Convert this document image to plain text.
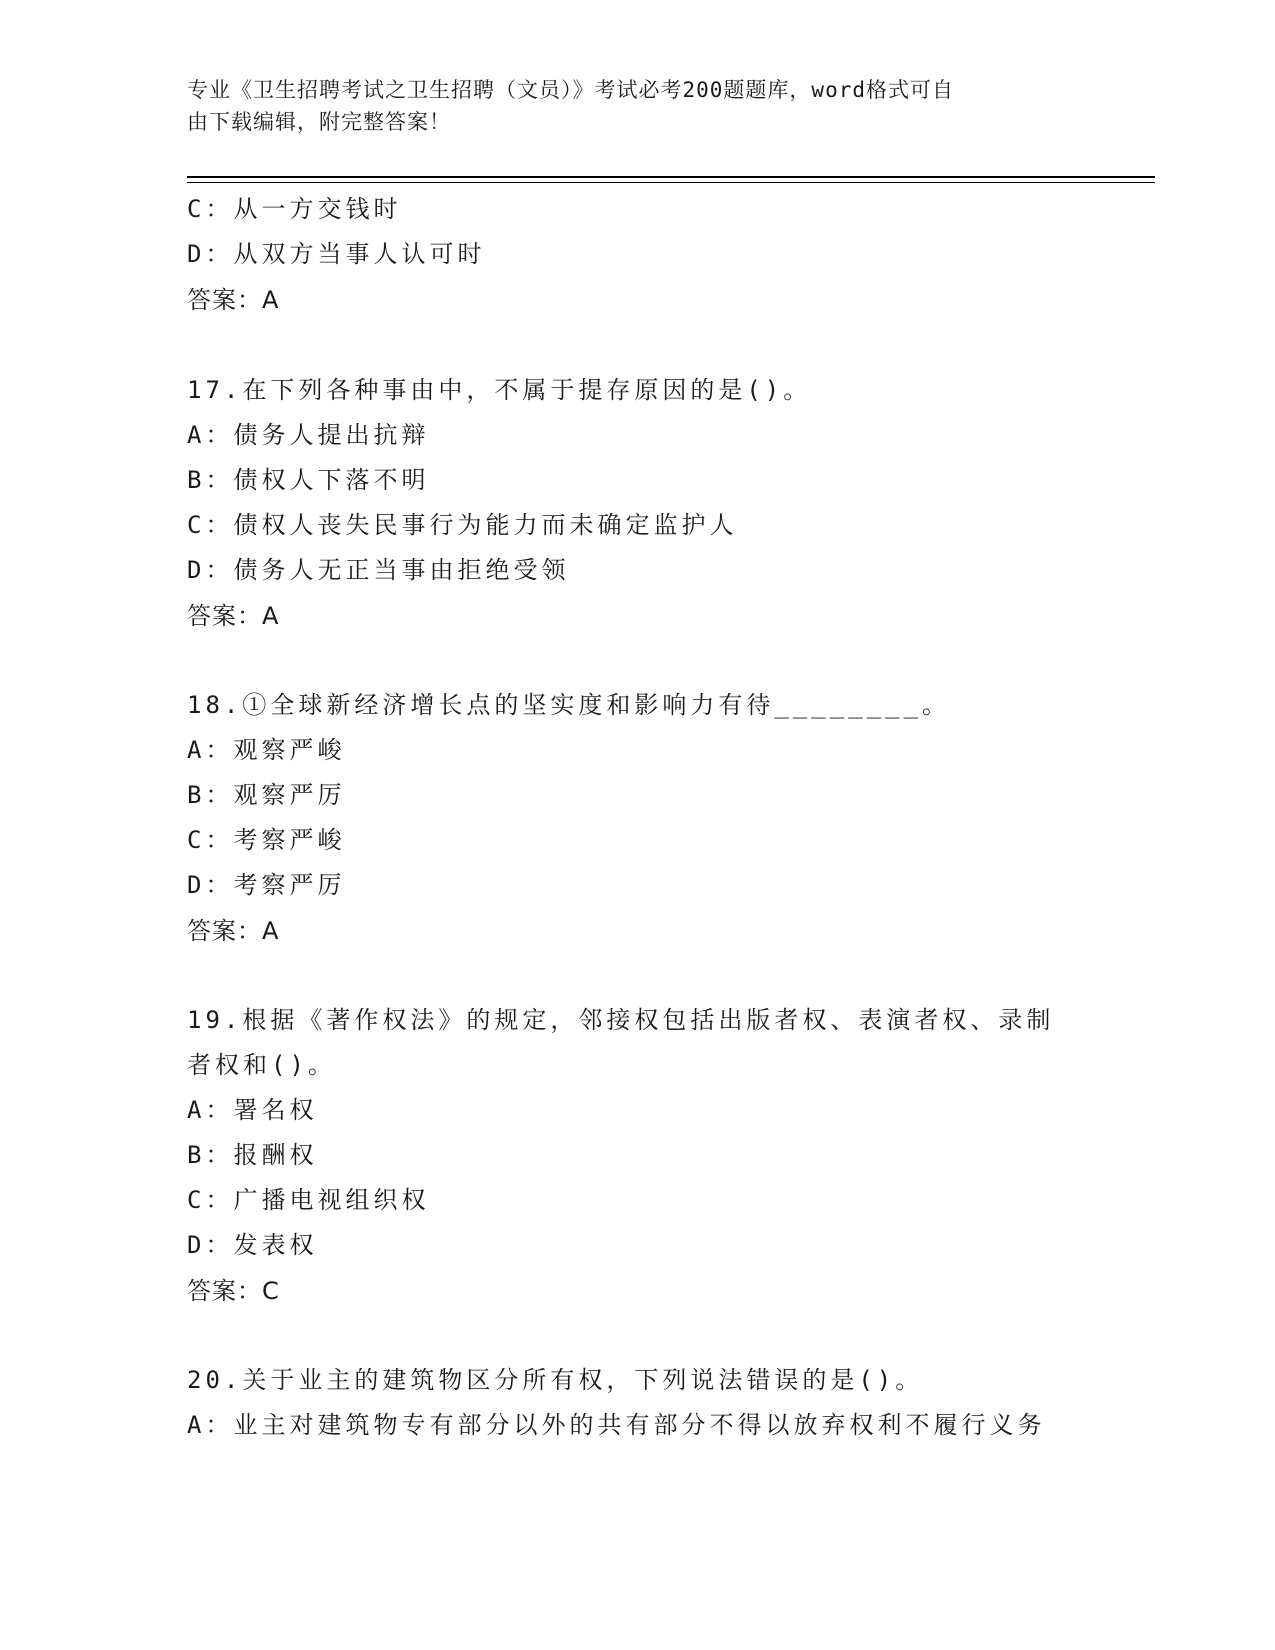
专业《卫生招聘考试之卫生招聘（文员）》考试必考200题题库，word格式可自
由下载编辑，附完整答案！
C：从一方交钱时
D：从双方当事人认可时
答案：A
17.在下列各种事由中，不属于提存原因的是()。
A：债务人提出抗辩
B：债权人下落不明
C：债权人丧失民事行为能力而未确定监护人
D：债务人无正当事由拒绝受领
答案：A
18.①全球新经济增长点的坚实度和影响力有待________。
A：观察严峻
B：观察严厉
C：考察严峻
D：考察严厉
答案：A
19.根据《著作权法》的规定，邻接权包括出版者权、表演者权、录制
者权和()。
A：署名权
B：报酬权
C：广播电视组织权
D：发表权
答案：C
20.关于业主的建筑物区分所有权，下列说法错误的是()。
A：业主对建筑物专有部分以外的共有部分不得以放弃权利不履行义务
